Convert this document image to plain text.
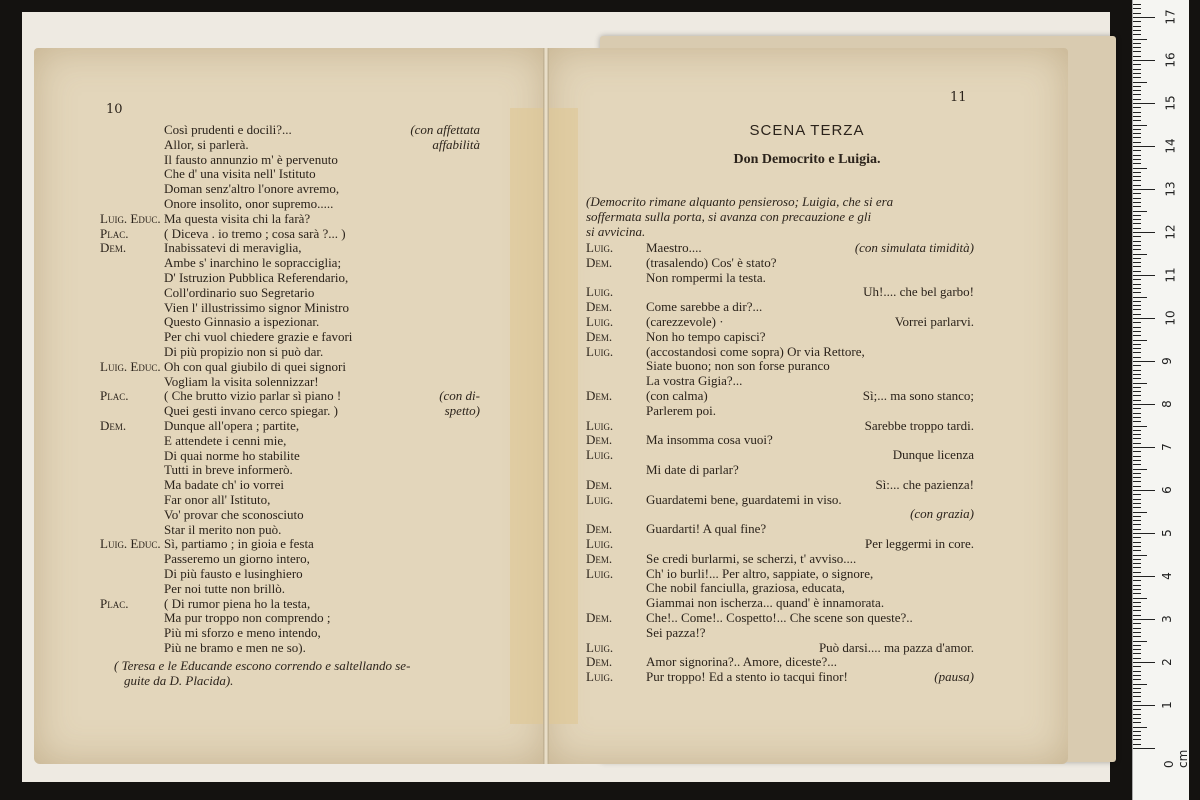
10
Così prudenti e docili?...	(con affettata
Allor, si parlerà.	affabilità
Il fausto annunzio m' è pervenuto
Che d' una visita nell' Istituto
Doman senz'altro l'onore avremo,
Onore insolito, onor supremo.....
Luig. Educ. Ma questa visita chi la farà?
Plac.	( Diceva . io tremo ; cosa sarà ?... )
Dem.	Inabissatevi di meraviglia,
Ambe s' inarchino le sopracciglia;
D' Istruzion Pubblica Referendario,
Coll'ordinario suo Segretario
Vien l' illustrissimo signor Ministro
Questo Ginnasio a ispezionar.
Per chi vuol chiedere grazie e favori
Di più propizio non si può dar.
Luig. Educ. Oh con qual giubilo di quei signori
Vogliam la visita solennizzar!
Plac.	( Che brutto vizio parlar sì piano !	(con di-
Quei gesti invano cerco spiegar. )	spetto)
Dem.	Dunque all'opera ; partite,
E attendete i cenni mie,
Di quai norme ho stabilite
Tutti in breve informerò.
Ma badate ch' io vorrei
Far onor all' Istituto,
Vo' provar che sconosciuto
Star il merito non può.
Luig. Educ. Sì, partiamo ; in gioia e festa
Passeremo un giorno intero,
Di più fausto e lusinghiero
Per noi tutte non brillò.
Plac.	( Di rumor piena ho la testa,
Ma pur troppo non comprendo ;
Più mi sforzo e meno intendo,
Più ne bramo e men ne so).
( Teresa e le Educande escono correndo e saltellando se-
guite da D. Placida).
11
SCENA TERZA
Don Democrito e Luigia.
(Democrito rimane alquanto pensieroso; Luigia, che si era
soffermata sulla porta, si avanza con precauzione e gli
si avvicina.
Luig.	Maestro....	(con simulata timidità)
Dem.	(trasalendo) Cos' è stato?
Non rompermi la testa.
Luig.	Uh!.... che bel garbo!
Dem.	Come sarebbe a dir?...
Luig.	(carezzevole) ·	Vorrei parlarvi.
Dem.	Non ho tempo capisci?
Luig.	(accostandosi come sopra) Or via Rettore,
Siate buono; non son forse puranco
La vostra Gigia?...
Dem.	(con calma)	Sì;... ma sono stanco;
Parlerem poi.
Luig.	Sarebbe troppo tardi.
Dem.	Ma insomma cosa vuoi?
Luig.	Dunque licenza
Mi date di parlar?
Dem.	Sì:... che pazienza!
Luig.	Guardatemi bene, guardatemi in viso.
(con grazia)
Dem.	Guardarti! A qual fine?
Luig.	Per leggermi in core.
Dem.	Se credi burlarmi, se scherzi, t' avviso....
Luig.	Ch' io burli!... Per altro, sappiate, o signore,
Che nobil fanciulla, graziosa, educata,
Giammai non ischerza... quand' è innamorata.
Dem.	Che!.. Come!.. Cospetto!... Che scene son queste?..
Sei pazza!?
Luig.	Può darsi.... ma pazza d'amor.
Dem.	Amor signorina?.. Amore, diceste?...
Luig.	Pur troppo! Ed a stento io tacqui finor!	(pausa)
0 cm
1
2
3
4
5
6
7
8
9
10
11
12
13
14
15
16
17
